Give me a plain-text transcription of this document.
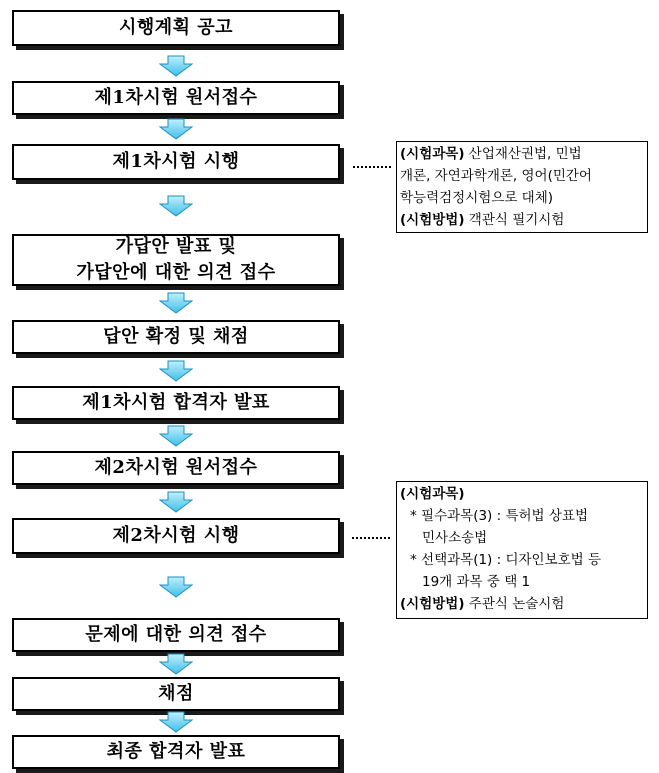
시행계획 공고
제1차시험 원서접수
제1차시험 시행
가답안 발표 및
가답안에 대한 의견 접수
답안 확정 및 채점
제1차시험 합격자 발표
제2차시험 원서접수
제2차시험 시행
문제에 대한 의견 접수
채점
최종 합격자 발표
(시험과목) 산업재산권법, 민법
개론, 자연과학개론, 영어(민간어
학능력검정시험으로 대체)
(시험방법) 객관식 필기시험
(시험과목)
* 필수과목(3) : 특허법 상표법
민사소송법
* 선택과목(1) : 디자인보호법 등
19개 과목 중 택 1
(시험방법) 주관식 논술시험
